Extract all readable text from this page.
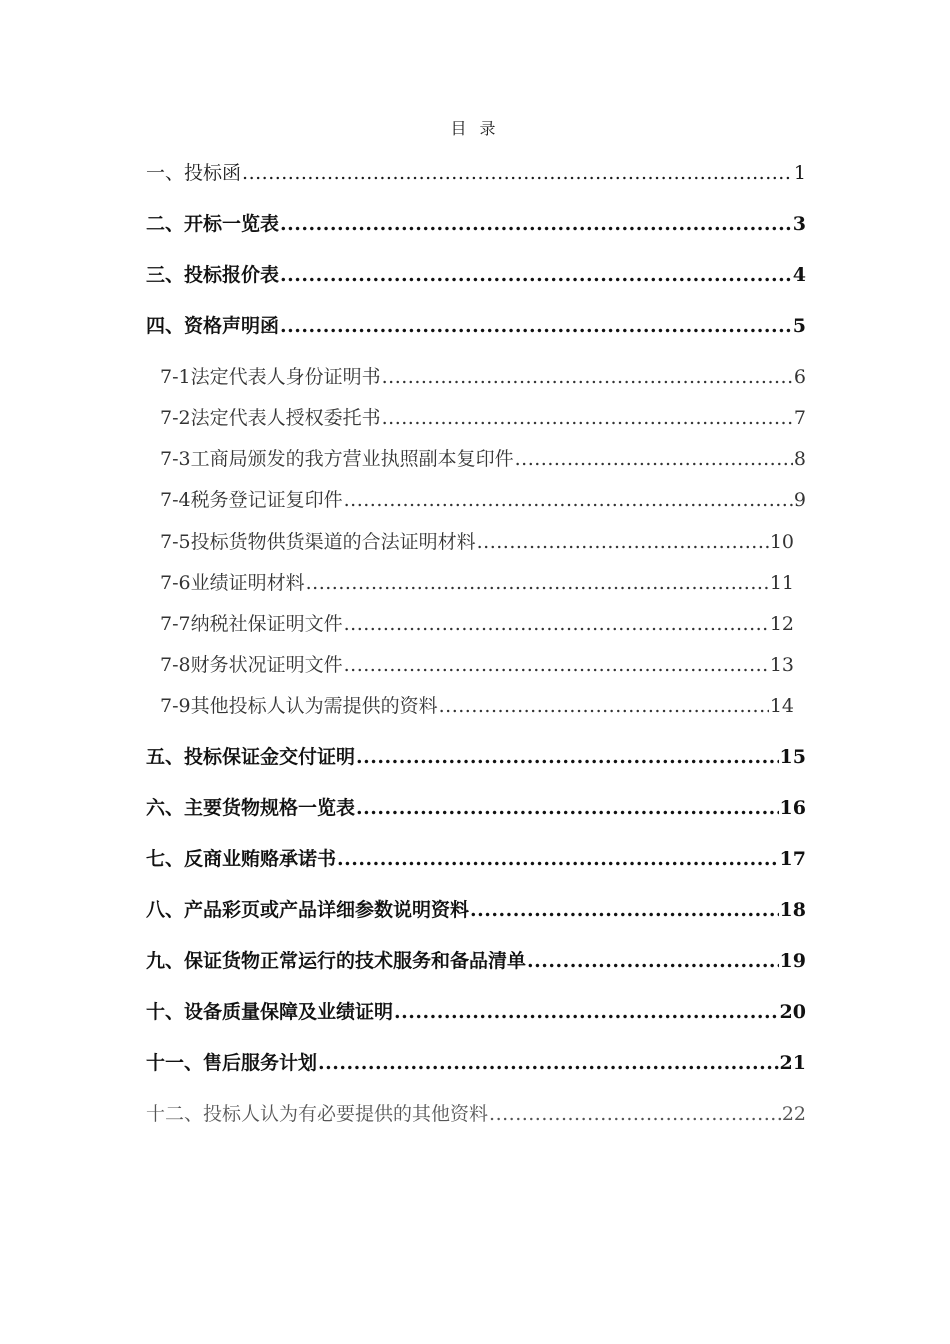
目 录
一、 投标函 .....	1
二、 开标一览表 .....	3
三、 投标报价表 .....	4
四、 资格声明函 .....	5
7-1 法定代表人身份证明书 .....	6
7-2 法定代表人授权委托书 .....	7
7-3 工商局颁发的我方营业执照副本复印件 .....	8
7-4 税务登记证复印件 .....	9
7-5 投标货物供货渠道的合法证明材料 .....	10
7-6 业绩证明材料 .....	11
7-7 纳税社保证明文件 .....	12
7-8 财务状况证明文件 .....	13
7-9 其他投标人认为需提供的资料 .....	14
五、 投标保证金交付证明 .....	15
六、 主要货物规格一览表 .....	16
七、 反商业贿赂承诺书 .....	17
八、 产品彩页或产品详细参数说明资料 .....	18
九、 保证货物正常运行的技术服务和备品清单 .....	19
十、 设备质量保障及业绩证明 .....	20
十一、 售后服务计划 .....	21
十二、 投标人认为有必要提供的其他资料 .....	22
